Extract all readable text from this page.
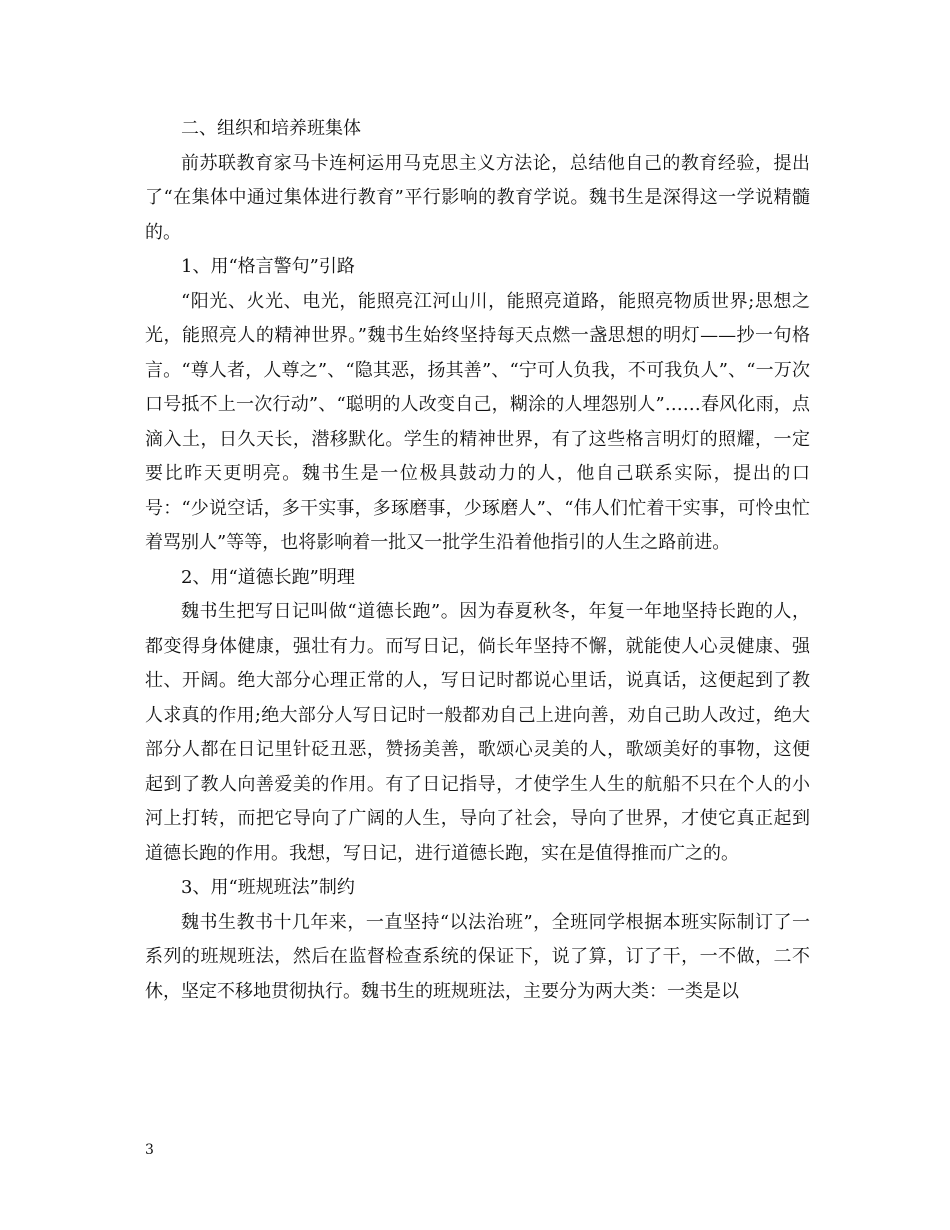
二、组织和培养班集体

前苏联教育家马卡连柯运用马克思主义方法论，总结他自己的教育经验，提出了“在集体中通过集体进行教育”平行影响的教育学说。魏书生是深得这一学说精髓的。

1、用“格言警句”引路

“阳光、火光、电光，能照亮江河山川，能照亮道路，能照亮物质世界;思想之光，能照亮人的精神世界。”魏书生始终坚持每天点燃一盏思想的明灯——抄一句格言。“尊人者，人尊之”、“隐其恶，扬其善”、“宁可人负我，不可我负人”、“一万次口号抵不上一次行动”、“聪明的人改变自己，糊涂的人埋怨别人”……春风化雨，点滴入土，日久天长，潜移默化。学生的精神世界，有了这些格言明灯的照耀，一定要比昨天更明亮。魏书生是一位极具鼓动力的人，他自己联系实际，提出的口号：“少说空话，多干实事，多琢磨事，少琢磨人”、“伟人们忙着干实事，可怜虫忙着骂别人”等等，也将影响着一批又一批学生沿着他指引的人生之路前进。

2、用“道德长跑”明理

魏书生把写日记叫做“道德长跑”。因为春夏秋冬，年复一年地坚持长跑的人，都变得身体健康，强壮有力。而写日记，倘长年坚持不懈，就能使人心灵健康、强壮、开阔。绝大部分心理正常的人，写日记时都说心里话，说真话，这便起到了教人求真的作用;绝大部分人写日记时一般都劝自己上进向善，劝自己助人改过，绝大部分人都在日记里针砭丑恶，赞扬美善，歌颂心灵美的人，歌颂美好的事物，这便起到了教人向善爱美的作用。有了日记指导，才使学生人生的航船不只在个人的小河上打转，而把它导向了广阔的人生，导向了社会，导向了世界，才使它真正起到道德长跑的作用。我想，写日记，进行道德长跑，实在是值得推而广之的。

3、用“班规班法”制约

魏书生教书十几年来，一直坚持“以法治班”，全班同学根据本班实际制订了一系列的班规班法，然后在监督检查系统的保证下，说了算，订了干，一不做，二不休，坚定不移地贯彻执行。魏书生的班规班法，主要分为两大类：一类是以

3
